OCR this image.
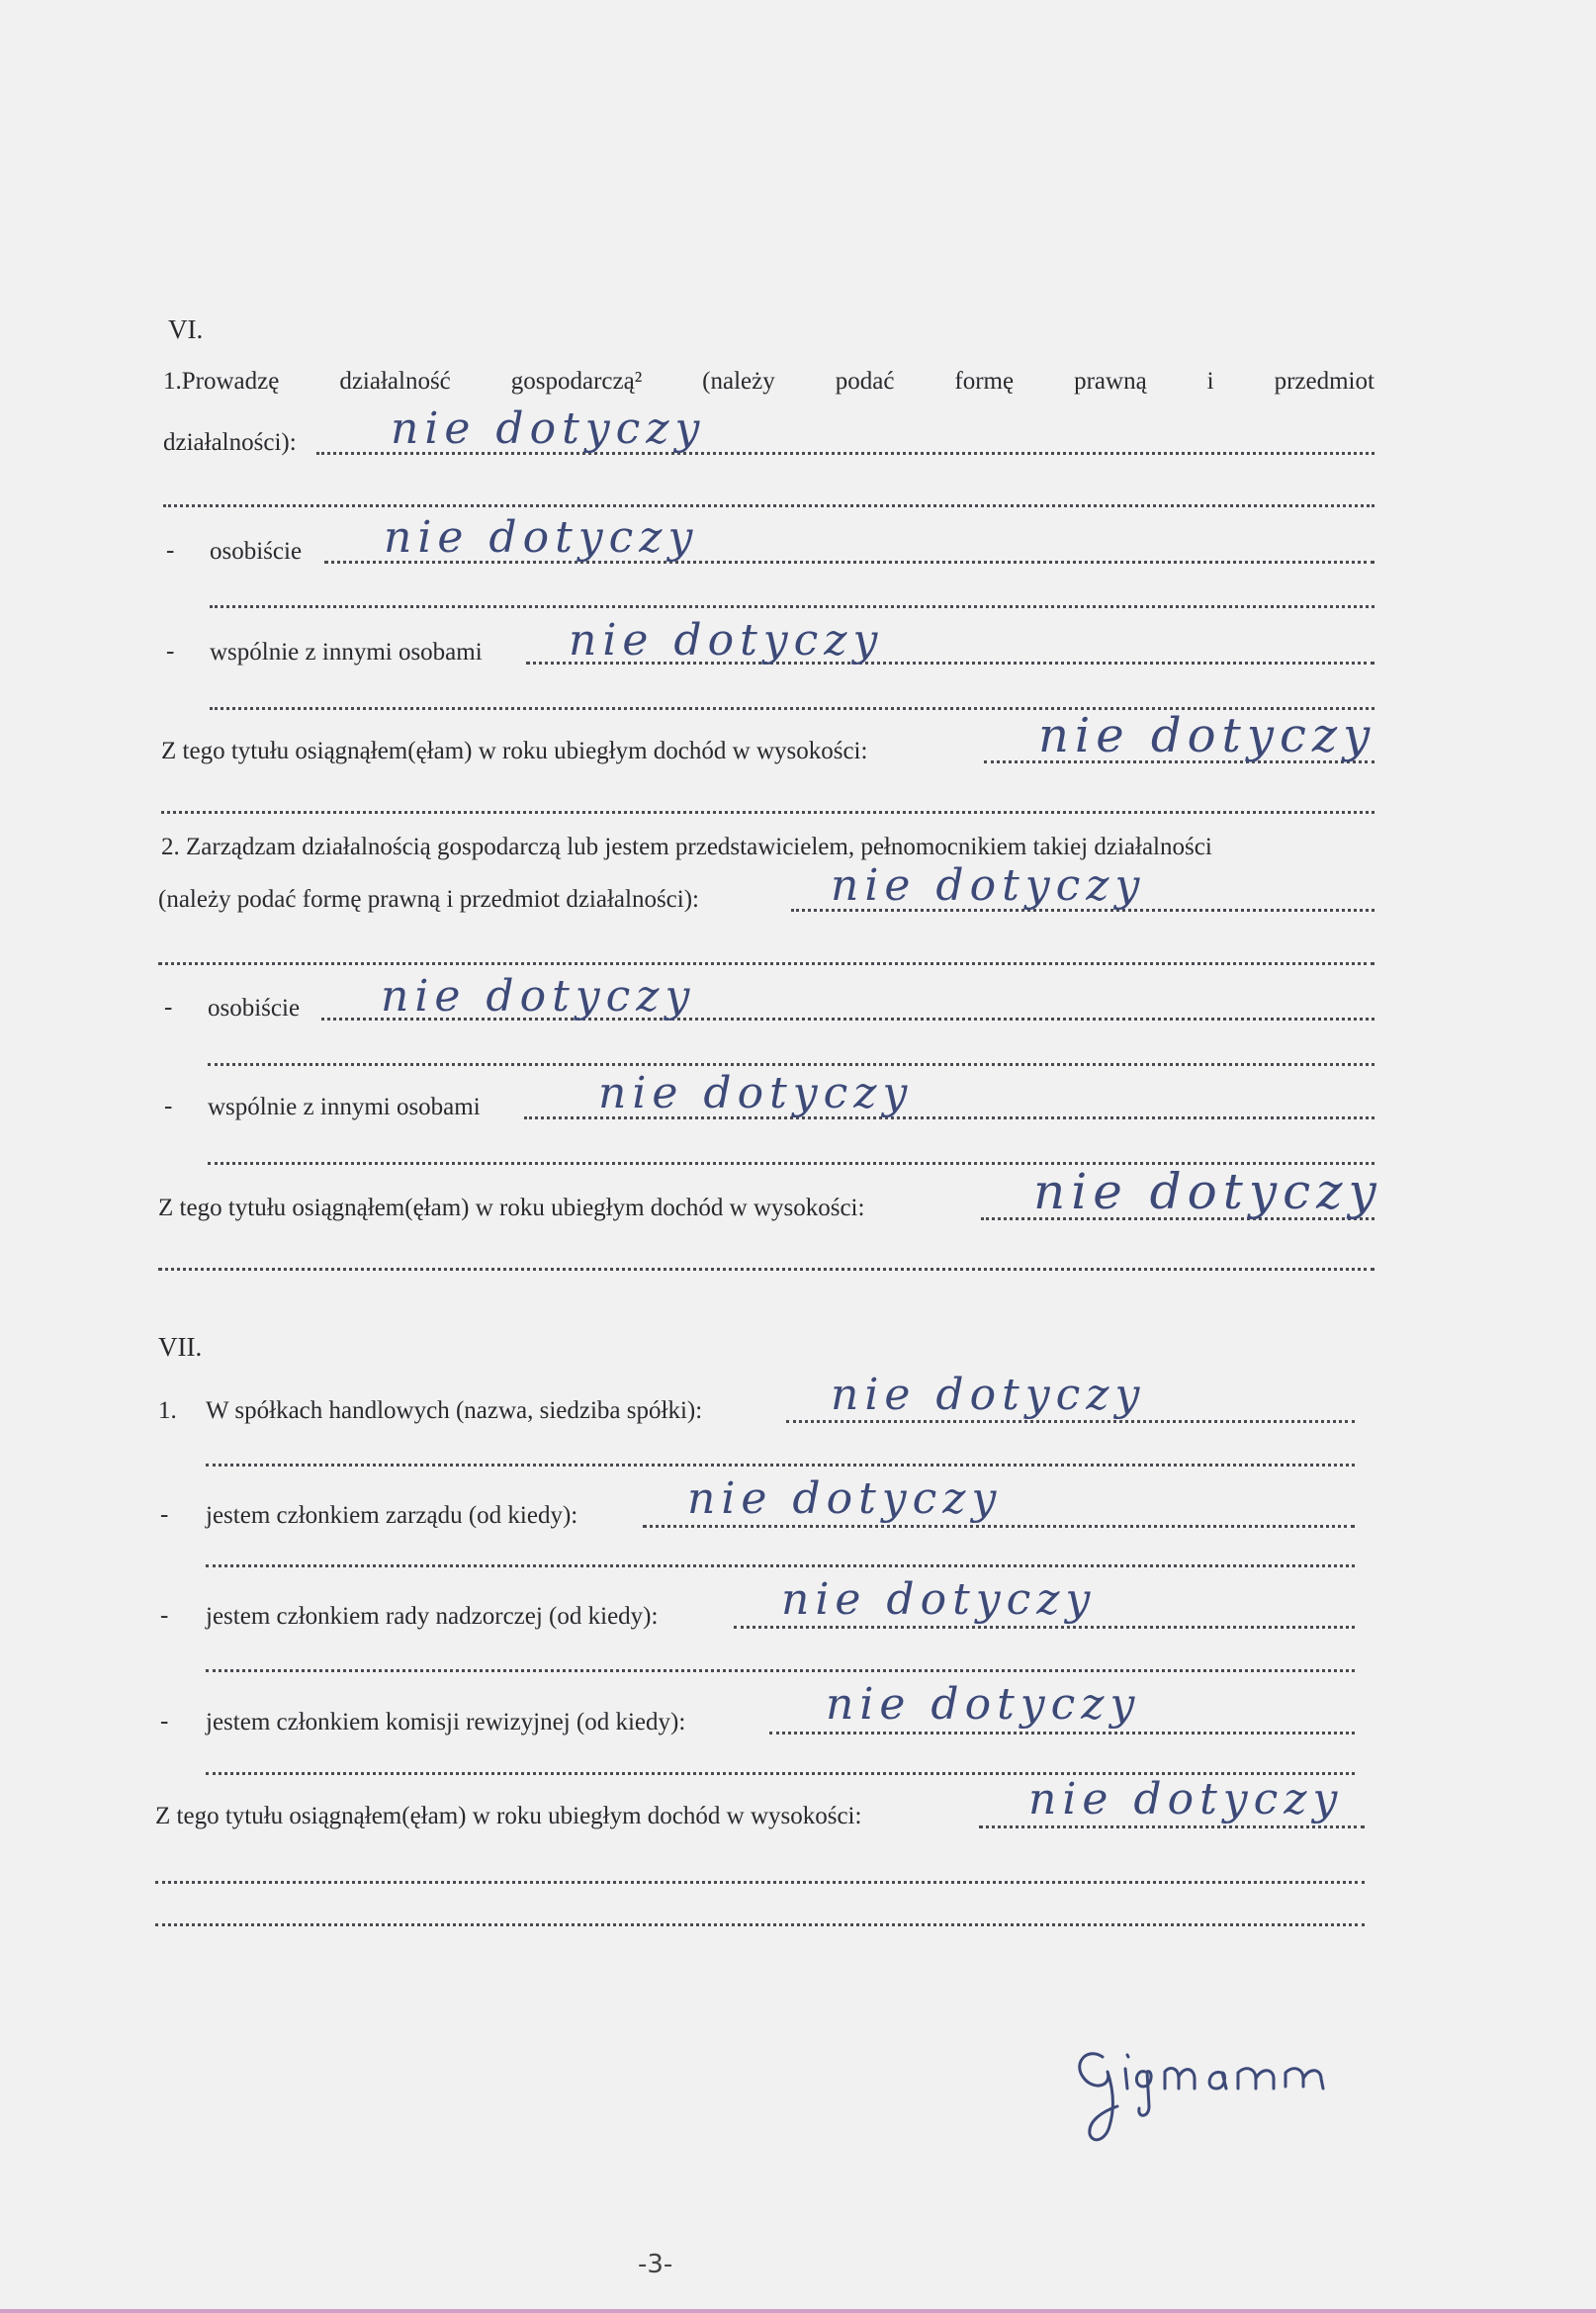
VI.
1.Prowadzę działalność gospodarczą² (należy podać formę prawną i przedmiot
działalności): nie dotyczy
- osobiście nie dotyczy
- wspólnie z innymi osobami nie dotyczy
Z tego tytułu osiągnąłem(ęłam) w roku ubiegłym dochód w wysokości:	nie dotyczy
2. Zarządzam działalnością gospodarczą lub jestem przedstawicielem, pełnomocnikiem takiej działalności
(należy podać formę prawną i przedmiot działalności):	nie dotyczy
- osobiście nie dotyczy
- wspólnie z innymi osobami	nie dotyczy
Z tego tytułu osiągnąłem(ęłam) w roku ubiegłym dochód w wysokości:	nie dotyczy
VII.
1. W spółkach handlowych (nazwa, siedziba spółki):	nie dotyczy
- jestem członkiem zarządu (od kiedy):	nie dotyczy
- jestem członkiem rady nadzorczej (od kiedy):	nie dotyczy
- jestem członkiem komisji rewizyjnej (od kiedy):	nie dotyczy
Z tego tytułu osiągnąłem(ęłam) w roku ubiegłym dochód w wysokości:	nie dotyczy
-3-
